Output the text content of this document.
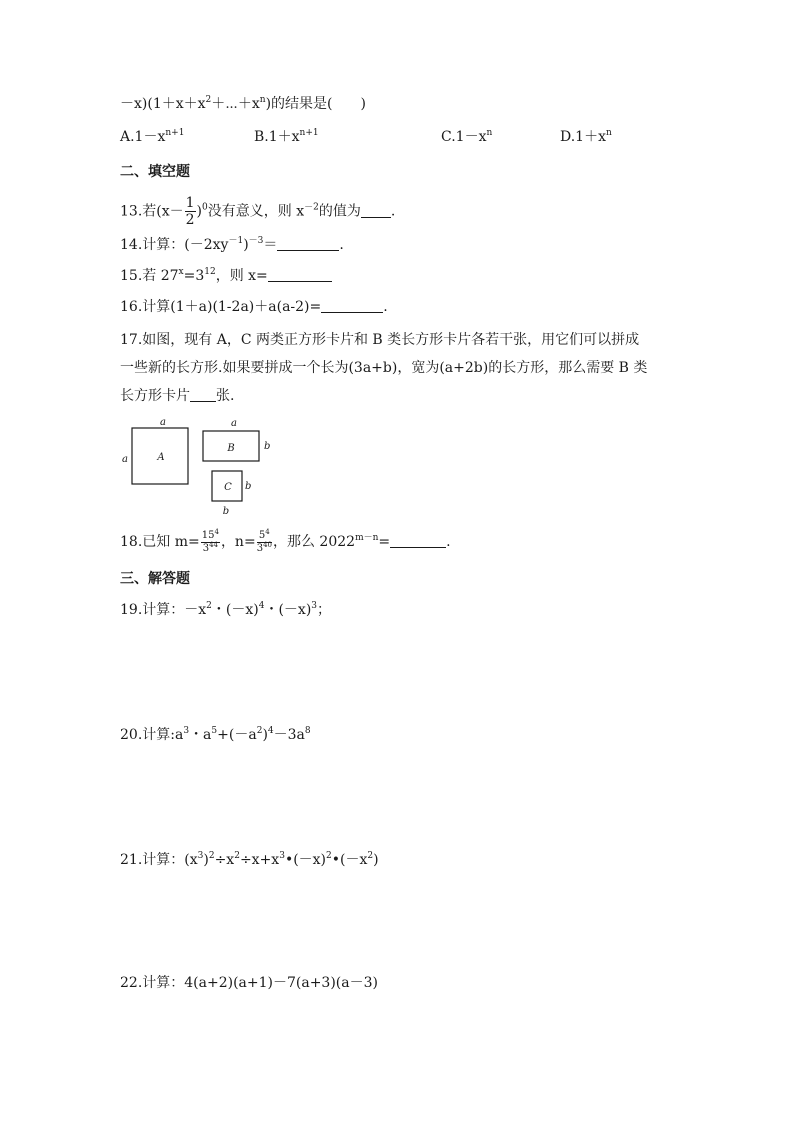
$-x)(1+x+x^2+\cdots+x^n)$的结果是(　　)
$A.1-x^{n+1}$	$B.1+x^{n+1}$	$C.1-x^n$	$D.1+x^n$
二、填空题
13.若$(x- \frac{1}{2} )^0$没有意义，则 $x^{-2}$的值为 .
14.计算：$(-2xy^{-1})^{-3}=$	.
15.若 $27^x=3^{12}$，则 x=
16.计算(1＋a)(1-2a)＋a(a-2)=	.
17.如图，现有 A，C 两类正方形卡片和 B 类长方形卡片各若干张，用它们可以拼成
一些新的长方形.如果要拼成一个长为(3a+b)，宽为(a+2b)的长方形，那么需要 B 类
长方形卡片 张.
A
a
a
B
a
b
C b
b
18.已知 $m= \frac{15^4}{3^{44}}$ ，$n= \frac{5^4}{3^{40}}$ ，那么 $2022^{m-n}=$	.
三、解答题
19.计算：$-x^2$・$(-x)^4$・$(-x)^3$；
20.计算$:a^3$・$a^5+(-a^2)^4-3a^8$
21.计算：$(x^3)^2\div x^2\div x+x^3•(-x)^2•(-x^2)$
22.计算：4(a+2)(a+1)－7(a+3)(a－3)
